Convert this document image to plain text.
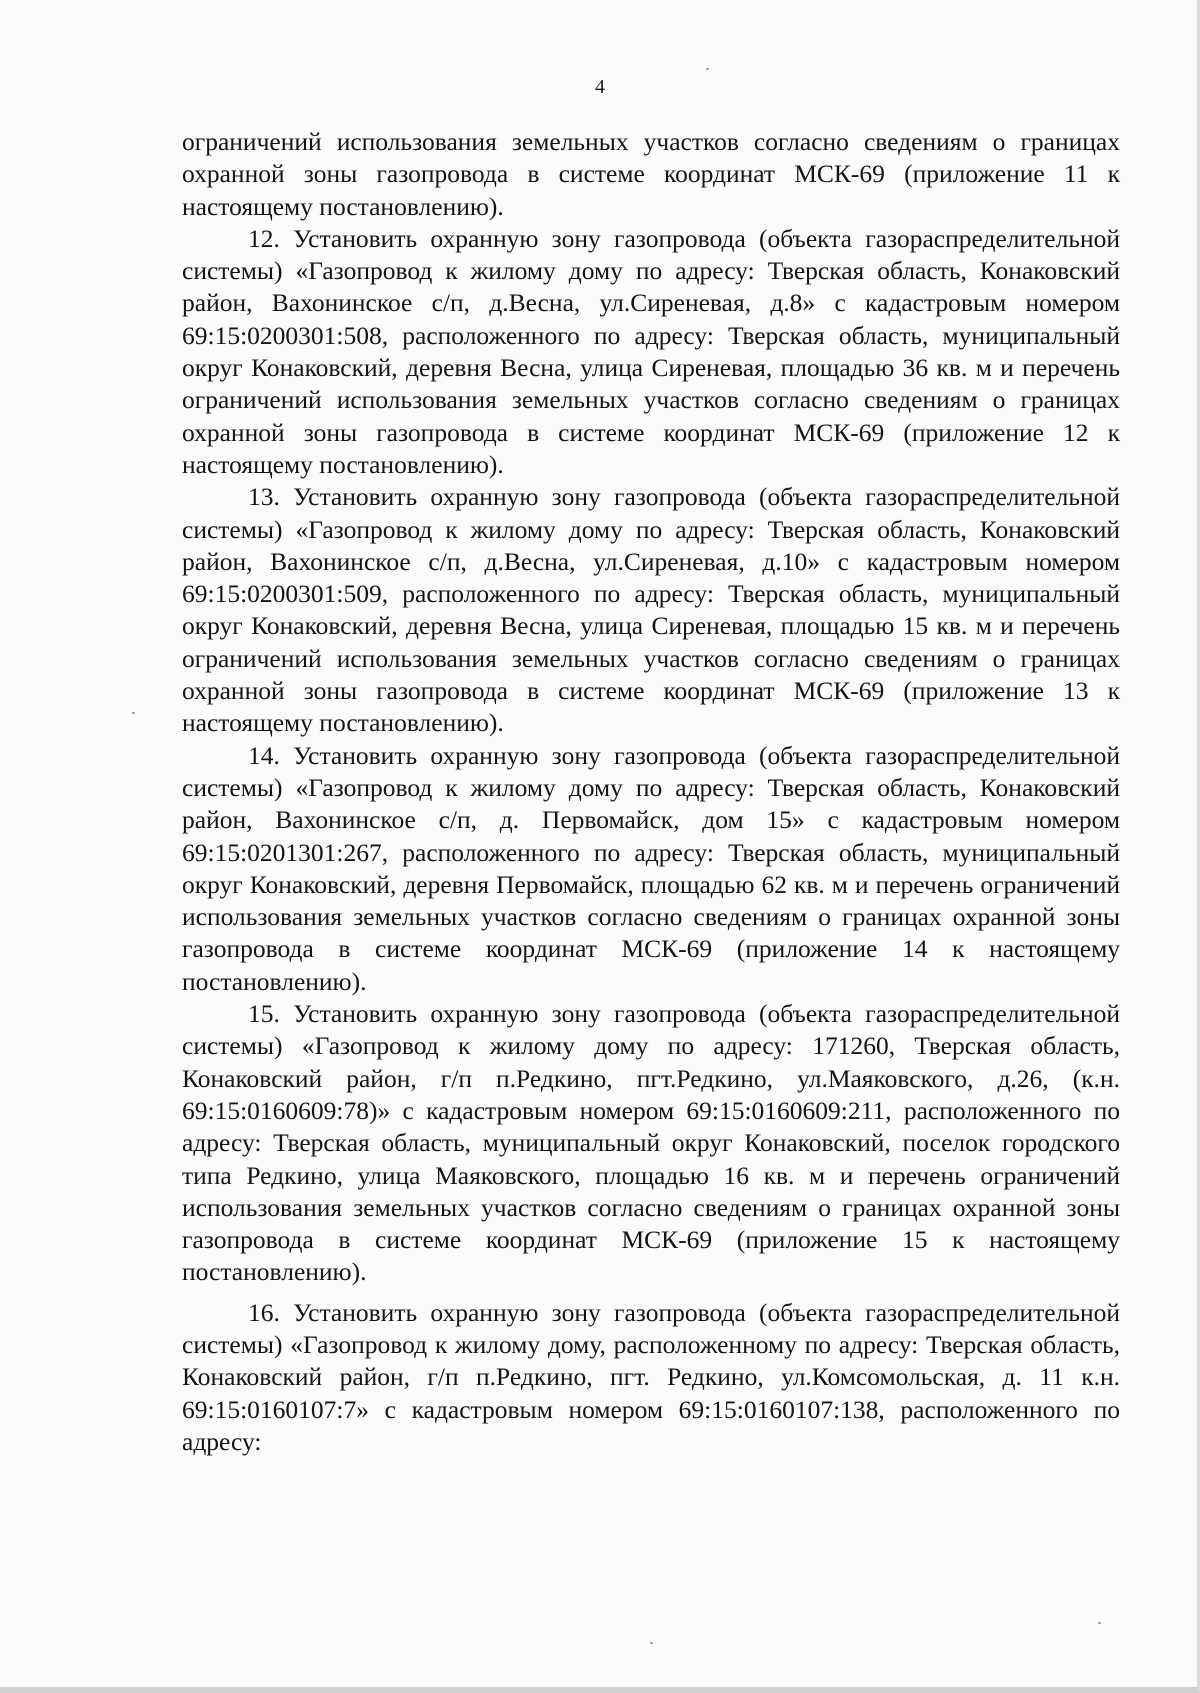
4

ограничений использования земельных участков согласно сведениям о границах охранной зоны газопровода в системе координат МСК-69 (приложение 11 к настоящему постановлению).

12. Установить охранную зону газопровода (объекта газораспределительной системы) «Газопровод к жилому дому по адресу: Тверская область, Конаковский район, Вахонинское с/п, д.Весна, ул.Сиреневая, д.8» с кадастровым номером 69:15:0200301:508, расположенного по адресу: Тверская область, муниципальный округ Конаковский, деревня Весна, улица Сиреневая, площадью 36 кв. м и перечень ограничений использования земельных участков согласно сведениям о границах охранной зоны газопровода в системе координат МСК-69 (приложение 12 к настоящему постановлению).

13. Установить охранную зону газопровода (объекта газораспределительной системы) «Газопровод к жилому дому по адресу: Тверская область, Конаковский район, Вахонинское с/п, д.Весна, ул.Сиреневая, д.10» с кадастровым номером 69:15:0200301:509, расположенного по адресу: Тверская область, муниципальный округ Конаковский, деревня Весна, улица Сиреневая, площадью 15 кв. м и перечень ограничений использования земельных участков согласно сведениям о границах охранной зоны газопровода в системе координат МСК-69 (приложение 13 к настоящему постановлению).

14. Установить охранную зону газопровода (объекта газораспределительной системы) «Газопровод к жилому дому по адресу: Тверская область, Конаковский район, Вахонинское с/п, д. Первомайск, дом 15» с кадастровым номером 69:15:0201301:267, расположенного по адресу: Тверская область, муниципальный округ Конаковский, деревня Первомайск, площадью 62 кв. м и перечень ограничений использования земельных участков согласно сведениям о границах охранной зоны газопровода в системе координат МСК-69 (приложение 14 к настоящему постановлению).

15. Установить охранную зону газопровода (объекта газораспределительной системы) «Газопровод к жилому дому по адресу: 171260, Тверская область, Конаковский район, г/п п.Редкино, пгт.Редкино, ул.Маяковского, д.26, (к.н. 69:15:0160609:78)» с кадастровым номером 69:15:0160609:211, расположенного по адресу: Тверская область, муниципальный округ Конаковский, поселок городского типа Редкино, улица Маяковского, площадью 16 кв. м и перечень ограничений использования земельных участков согласно сведениям о границах охранной зоны газопровода в системе координат МСК-69 (приложение 15 к настоящему постановлению).

16. Установить охранную зону газопровода (объекта газораспределительной системы) «Газопровод к жилому дому, расположенному по адресу: Тверская область, Конаковский район, г/п п.Редкино, пгт. Редкино, ул.Комсомольская, д. 11 к.н. 69:15:0160107:7» с кадастровым номером 69:15:0160107:138, расположенного по адресу:
